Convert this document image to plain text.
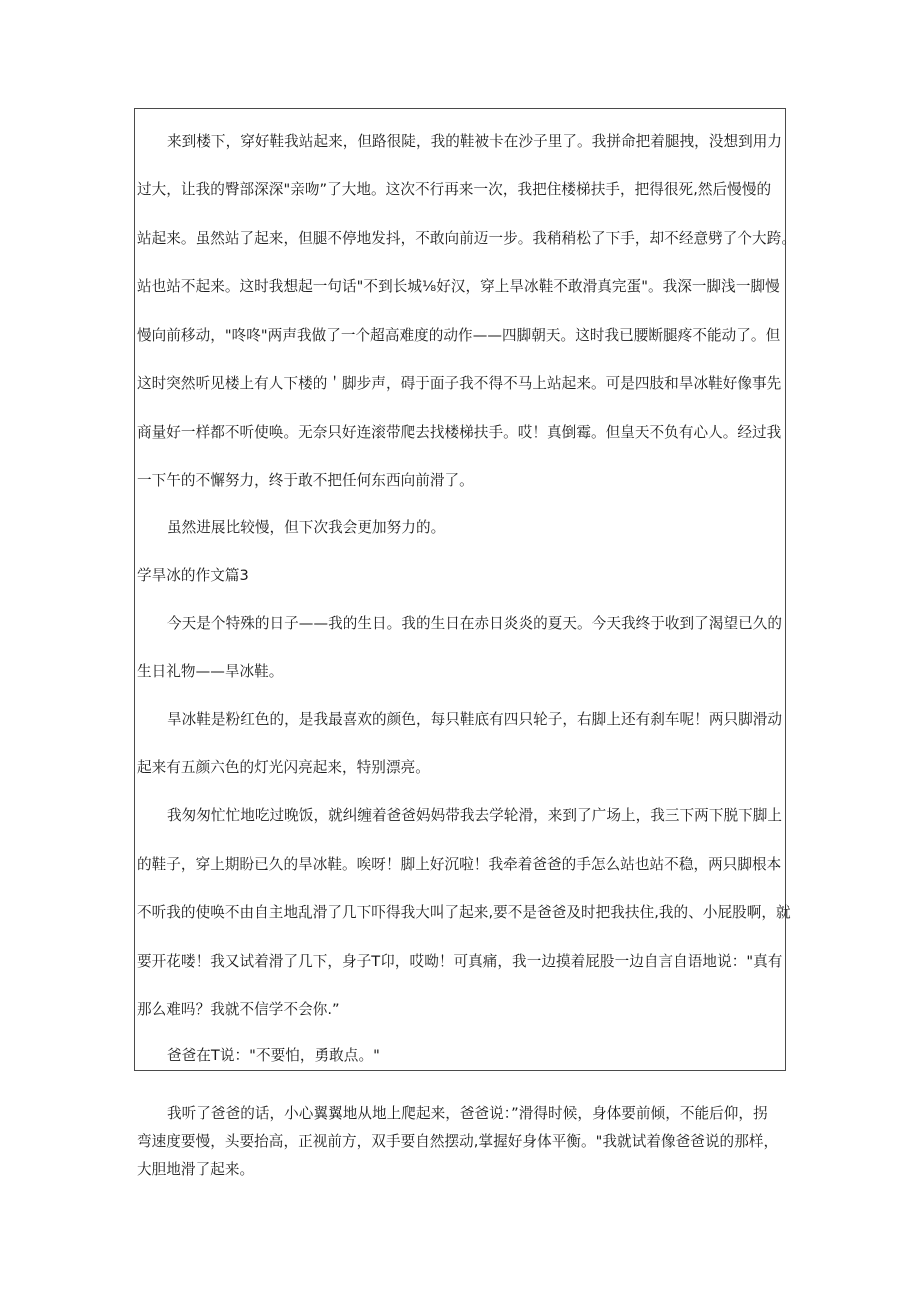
来到楼下，穿好鞋我站起来，但路很陡，我的鞋被卡在沙子里了。我拼命把着腿拽，没想到用力
过大，让我的臀部深深"亲吻”了大地。这次不行再来一次，我把住楼梯扶手，把得很死,然后慢慢的
站起来。虽然站了起来，但腿不停地发抖，不敢向前迈一步。我稍稍松了下手，却不经意劈了个大跨。
站也站不起来。这时我想起一句话"不到长城⅛好汉，穿上旱冰鞋不敢滑真完蛋"。我深一脚浅一脚慢
慢向前移动，"咚咚"两声我做了一个超高难度的动作——四脚朝天。这时我已腰断腿疼不能动了。但
这时突然听见楼上有人下楼的＇脚步声，碍于面子我不得不马上站起来。可是四肢和旱冰鞋好像事先
商量好一样都不听使唤。无奈只好连滚带爬去找楼梯扶手。哎！真倒霉。但皇天不负有心人。经过我
一下午的不懈努力，终于敢不把任何东西向前滑了。
虽然进展比较慢，但下次我会更加努力的。
学旱冰的作文篇3
今天是个特殊的日子——我的生日。我的生日在赤日炎炎的夏天。今天我终于收到了渴望已久的
生日礼物——旱冰鞋。
旱冰鞋是粉红色的，是我最喜欢的颜色，每只鞋底有四只轮子，右脚上还有刹车呢！两只脚滑动
起来有五颜六色的灯光闪亮起来，特别漂亮。
我匆匆忙忙地吃过晚饭，就纠缠着爸爸妈妈带我去学轮滑，来到了广场上，我三下两下脱下脚上
的鞋子，穿上期盼已久的旱冰鞋。唉呀！脚上好沉啦！我牵着爸爸的手怎么站也站不稳，两只脚根本
不听我的使唤不由自主地乱滑了几下吓得我大叫了起来,要不是爸爸及时把我扶住,我的、小屁股啊，就
要开花喽！我又试着滑了几下，身子T卬，哎呦！可真痛，我一边摸着屁股一边自言自语地说："真有
那么难吗？我就不信学不会你.”
爸爸在T说："不要怕，勇敢点。"
我听了爸爸的话，小心翼翼地从地上爬起来，爸爸说：”滑得时候，身体要前倾，不能后仰，拐
弯速度要慢，头要抬高，正视前方，双手要自然摆动,掌握好身体平衡。"我就试着像爸爸说的那样，
大胆地滑了起来。
